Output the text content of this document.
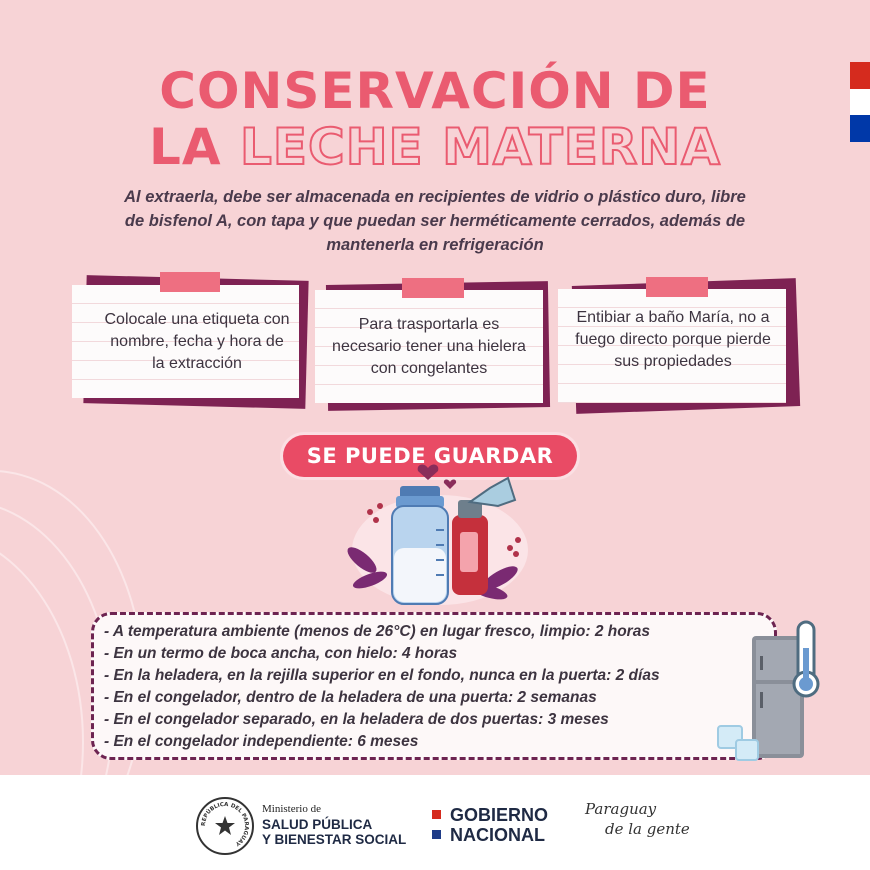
CONSERVACIÓN DE
LA LECHE MATERNA
Al extraerla, debe ser almacenada en recipientes de vidrio o plástico duro, libre de bisfenol A, con tapa y que puedan ser herméticamente cerrados, además de mantenerla en refrigeración
Colocale una etiqueta con nombre, fecha y hora de la extracción
Para trasportarla es necesario tener una hielera con congelantes
Entibiar a baño María, no a fuego directo porque pierde sus propiedades
SE PUEDE GUARDAR
- A temperatura ambiente (menos de 26°C) en lugar fresco, limpio: 2 horas
- En un termo de boca ancha, con hielo: 4 horas
- En la heladera, en la rejilla superior en el fondo, nunca en la puerta: 2 días
- En el congelador, dentro de la heladera de una puerta: 2 semanas
- En el congelador separado, en la heladera de dos puertas: 3 meses
- En el congelador independiente: 6 meses
REPÚBLICA DEL PARAGUAY
Ministerio de
SALUD PÚBLICA
Y BIENESTAR SOCIAL
GOBIERNO
NACIONAL
Paraguay
de la gente
